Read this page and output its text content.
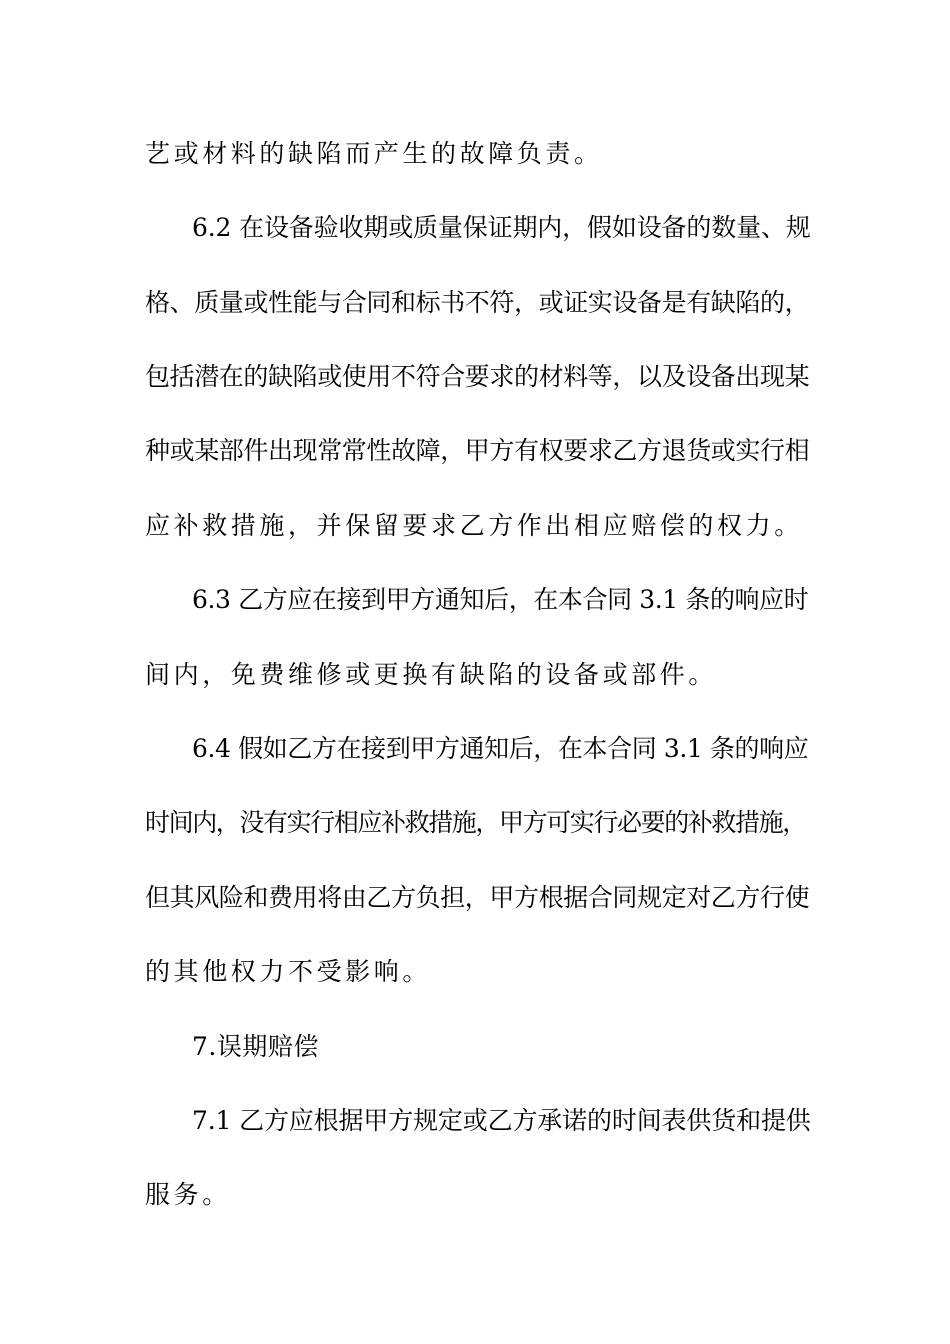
艺或材料的缺陷而产生的故障负责。
6.2 在设备验收期或质量保证期内，假如设备的数量、规
格、质量或性能与合同和标书不符，或证实设备是有缺陷的，
包括潜在的缺陷或使用不符合要求的材料等，以及设备出现某
种或某部件出现常常性故障，甲方有权要求乙方退货或实行相
应补救措施，并保留要求乙方作出相应赔偿的权力。
6.3 乙方应在接到甲方通知后，在本合同 3.1 条的响应时
间内，免费维修或更换有缺陷的设备或部件。
6.4 假如乙方在接到甲方通知后，在本合同 3.1 条的响应
时间内，没有实行相应补救措施，甲方可实行必要的补救措施，
但其风险和费用将由乙方负担，甲方根据合同规定对乙方行使
的其他权力不受影响。
7.误期赔偿
7.1 乙方应根据甲方规定或乙方承诺的时间表供货和提供
服务。
